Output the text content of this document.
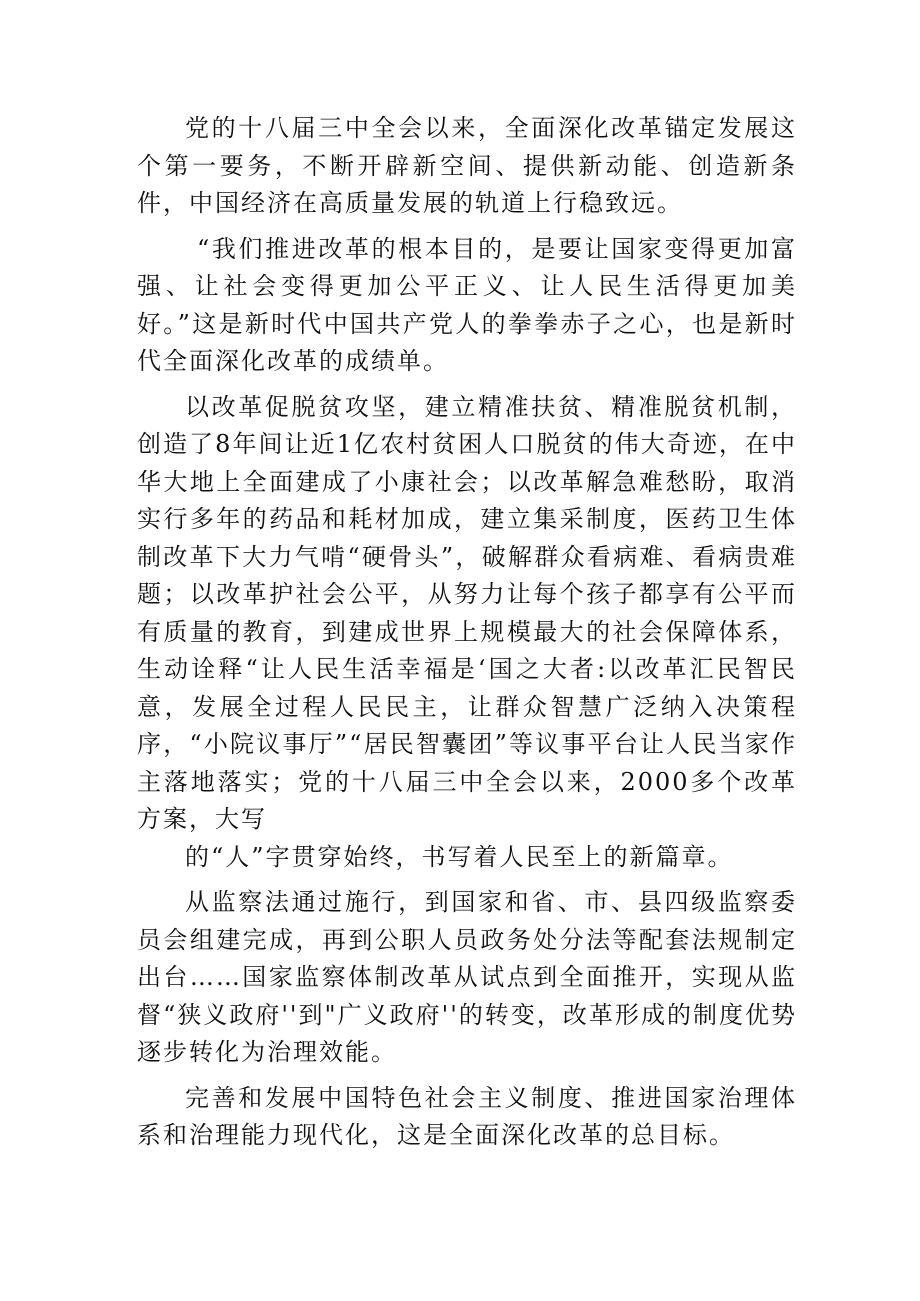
党的十八届三中全会以来，全面深化改革锚定发展这个第一要务，不断开辟新空间、提供新动能、创造新条件，中国经济在高质量发展的轨道上行稳致远。

“我们推进改革的根本目的，是要让国家变得更加富强、让社会变得更加公平正义、让人民生活得更加美好。”这是新时代中国共产党人的拳拳赤子之心，也是新时代全面深化改革的成绩单。

以改革促脱贫攻坚，建立精准扶贫、精准脱贫机制，创造了8年间让近1亿农村贫困人口脱贫的伟大奇迹，在中华大地上全面建成了小康社会；以改革解急难愁盼，取消实行多年的药品和耗材加成，建立集采制度，医药卫生体制改革下大力气啃“硬骨头”，破解群众看病难、看病贵难题；以改革护社会公平，从努力让每个孩子都享有公平而有质量的教育，到建成世界上规模最大的社会保障体系，生动诠释“让人民生活幸福是‘国之大者:以改革汇民智民意，发展全过程人民民主，让群众智慧广泛纳入决策程序，“小院议事厅”“居民智囊团”等议事平台让人民当家作主落地落实；党的十八届三中全会以来，2000多个改革方案，大写

的“人”字贯穿始终，书写着人民至上的新篇章。

从监察法通过施行，到国家和省、市、县四级监察委员会组建完成，再到公职人员政务处分法等配套法规制定出台……国家监察体制改革从试点到全面推开，实现从监督“狭义政府''到"广义政府''的转变，改革形成的制度优势逐步转化为治理效能。

完善和发展中国特色社会主义制度、推进国家治理体系和治理能力现代化，这是全面深化改革的总目标。
